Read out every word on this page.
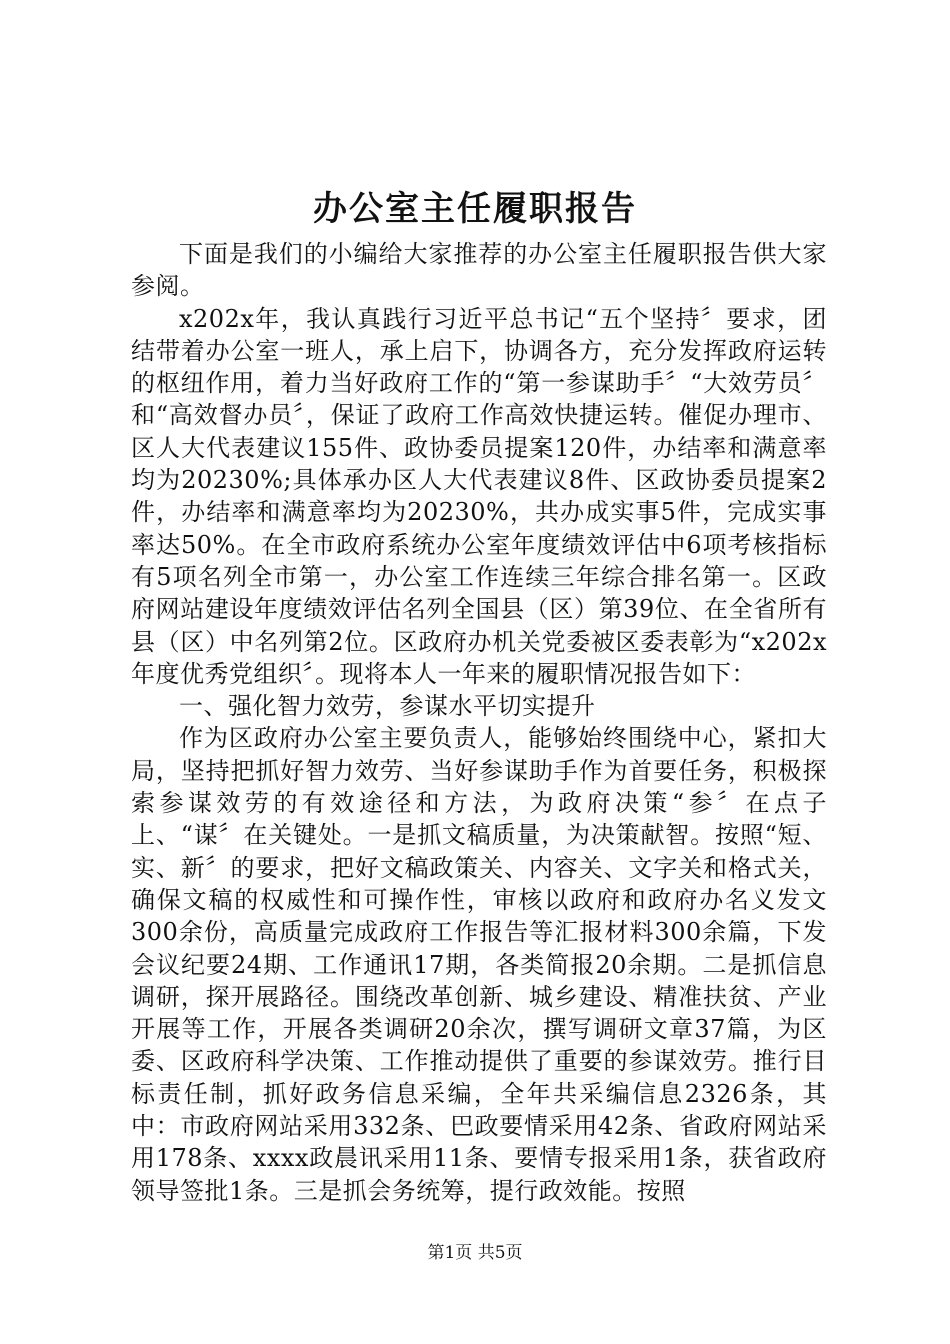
办公室主任履职报告

下面是我们的小编给大家推荐的办公室主任履职报告供大家参阅。

x202x年，我认真践行习近平总书记“五个坚持〞要求，团结带着办公室一班人，承上启下，协调各方，充分发挥政府运转的枢纽作用，着力当好政府工作的“第一参谋助手〞“大效劳员〞和“高效督办员〞，保证了政府工作高效快捷运转。催促办理市、区人大代表建议155件、政协委员提案120件，办结率和满意率均为20230%;具体承办区人大代表建议8件、区政协委员提案2件，办结率和满意率均为20230%，共办成实事5件，完成实事率达50%。在全市政府系统办公室年度绩效评估中6项考核指标有5项名列全市第一，办公室工作连续三年综合排名第一。区政府网站建设年度绩效评估名列全国县（区）第39位、在全省所有县（区）中名列第2位。区政府办机关党委被区委表彰为“x202x年度优秀党组织〞。现将本人一年来的履职情况报告如下：

一、强化智力效劳，参谋水平切实提升

作为区政府办公室主要负责人，能够始终围绕中心，紧扣大局，坚持把抓好智力效劳、当好参谋助手作为首要任务，积极探索参谋效劳的有效途径和方法，为政府决策“参〞在点子上、“谋〞在关键处。一是抓文稿质量，为决策献智。按照“短、实、新〞的要求，把好文稿政策关、内容关、文字关和格式关，确保文稿的权威性和可操作性，审核以政府和政府办名义发文300余份，高质量完成政府工作报告等汇报材料300余篇，下发会议纪要24期、工作通讯17期，各类简报20余期。二是抓信息调研，探开展路径。围绕改革创新、城乡建设、精准扶贫、产业开展等工作，开展各类调研20余次，撰写调研文章37篇，为区委、区政府科学决策、工作推动提供了重要的参谋效劳。推行目标责任制，抓好政务信息采编，全年共采编信息2326条，其中：市政府网站采用332条、巴政要情采用42条、省政府网站采用178条、xxxx政晨讯采用11条、要情专报采用1条，获省政府领导签批1条。三是抓会务统筹，提行政效能。按照

第1页 共5页
